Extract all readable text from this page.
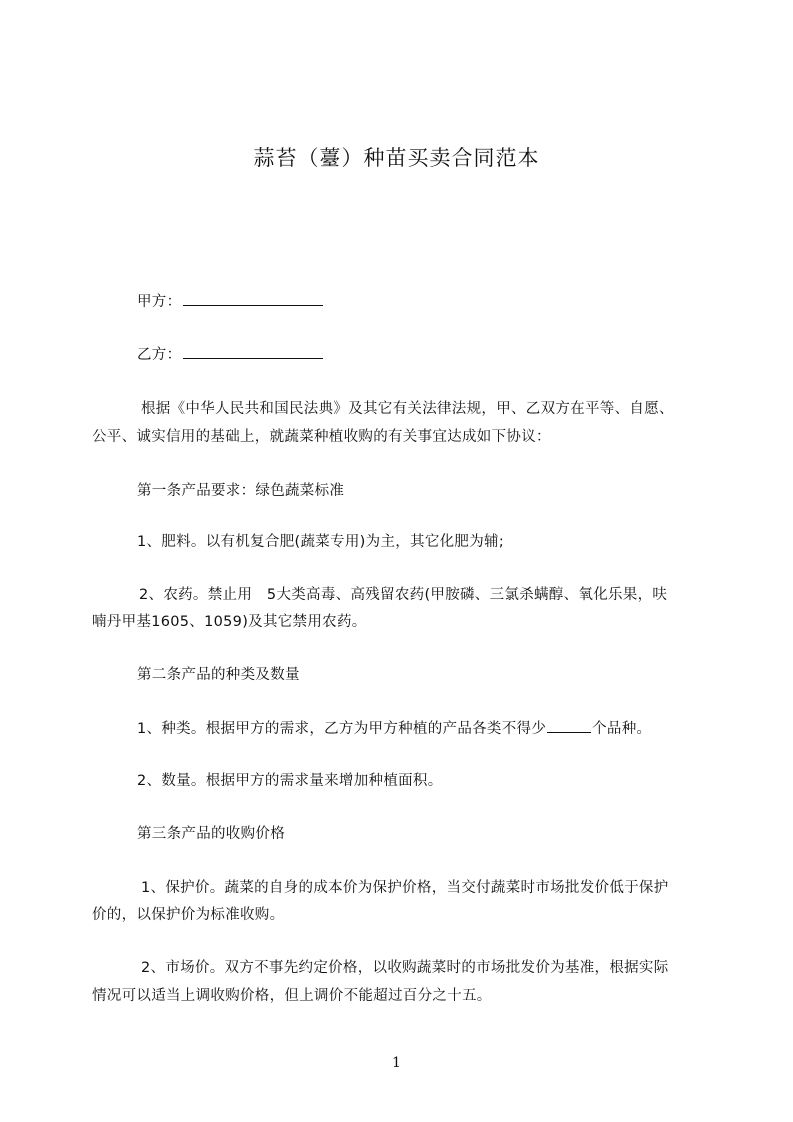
蒜苔（薹）种苗买卖合同范本
甲方：
乙方：
根据《中华人民共和国民法典》及其它有关法律法规，甲、乙双方在平等、自愿、
公平、诚实信用的基础上，就蔬菜种植收购的有关事宜达成如下协议：
第一条产品要求：绿色蔬菜标准
1、肥料。以有机复合肥(蔬菜专用)为主，其它化肥为辅;
2、农药。禁止用　5大类高毒、高残留农药(甲胺磷、三氯杀螨醇、氧化乐果，呋
喃丹甲基1605、1059)及其它禁用农药。
第二条产品的种类及数量
1、种类。根据甲方的需求，乙方为甲方种植的产品各类不得少	个品种。
2、数量。根据甲方的需求量来增加种植面积。
第三条产品的收购价格
1、保护价。蔬菜的自身的成本价为保护价格，当交付蔬菜时市场批发价低于保护
价的，以保护价为标准收购。
2、市场价。双方不事先约定价格，以收购蔬菜时的市场批发价为基准，根据实际
情况可以适当上调收购价格，但上调价不能超过百分之十五。
1
